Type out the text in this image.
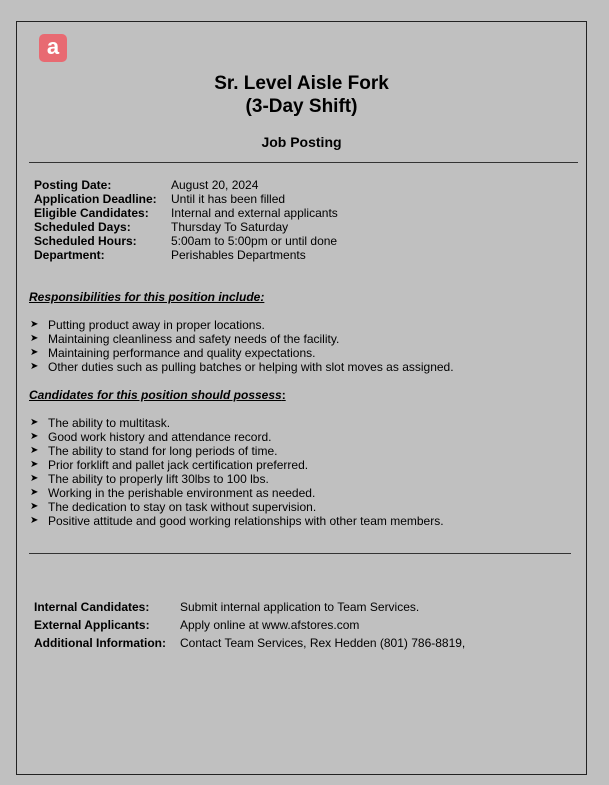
a
Sr. Level Aisle Fork
(3-Day Shift)
Job Posting
Posting Date:	August 20, 2024
Application Deadline:	Until it has been filled
Eligible Candidates:	Internal and external applicants
Scheduled Days:	Thursday To Saturday
Scheduled Hours:	5:00am to 5:00pm or until done
Department:	Perishables Departments
Responsibilities for this position include:
➤ Putting product away in proper locations.
➤ Maintaining cleanliness and safety needs of the facility.
➤ Maintaining performance and quality expectations.
➤ Other duties such as pulling batches or helping with slot moves as assigned.
Candidates for this position should possess:
➤ The ability to multitask.
➤ Good work history and attendance record.
➤ The ability to stand for long periods of time.
➤ Prior forklift and pallet jack certification preferred.
➤ The ability to properly lift 30lbs to 100 lbs.
➤ Working in the perishable environment as needed.
➤ The dedication to stay on task without supervision.
➤ Positive attitude and good working relationships with other team members.
Internal Candidates:	Submit internal application to Team Services.
External Applicants:	Apply online at www.afstores.com
Additional Information:	Contact Team Services, Rex Hedden (801) 786-8819,
